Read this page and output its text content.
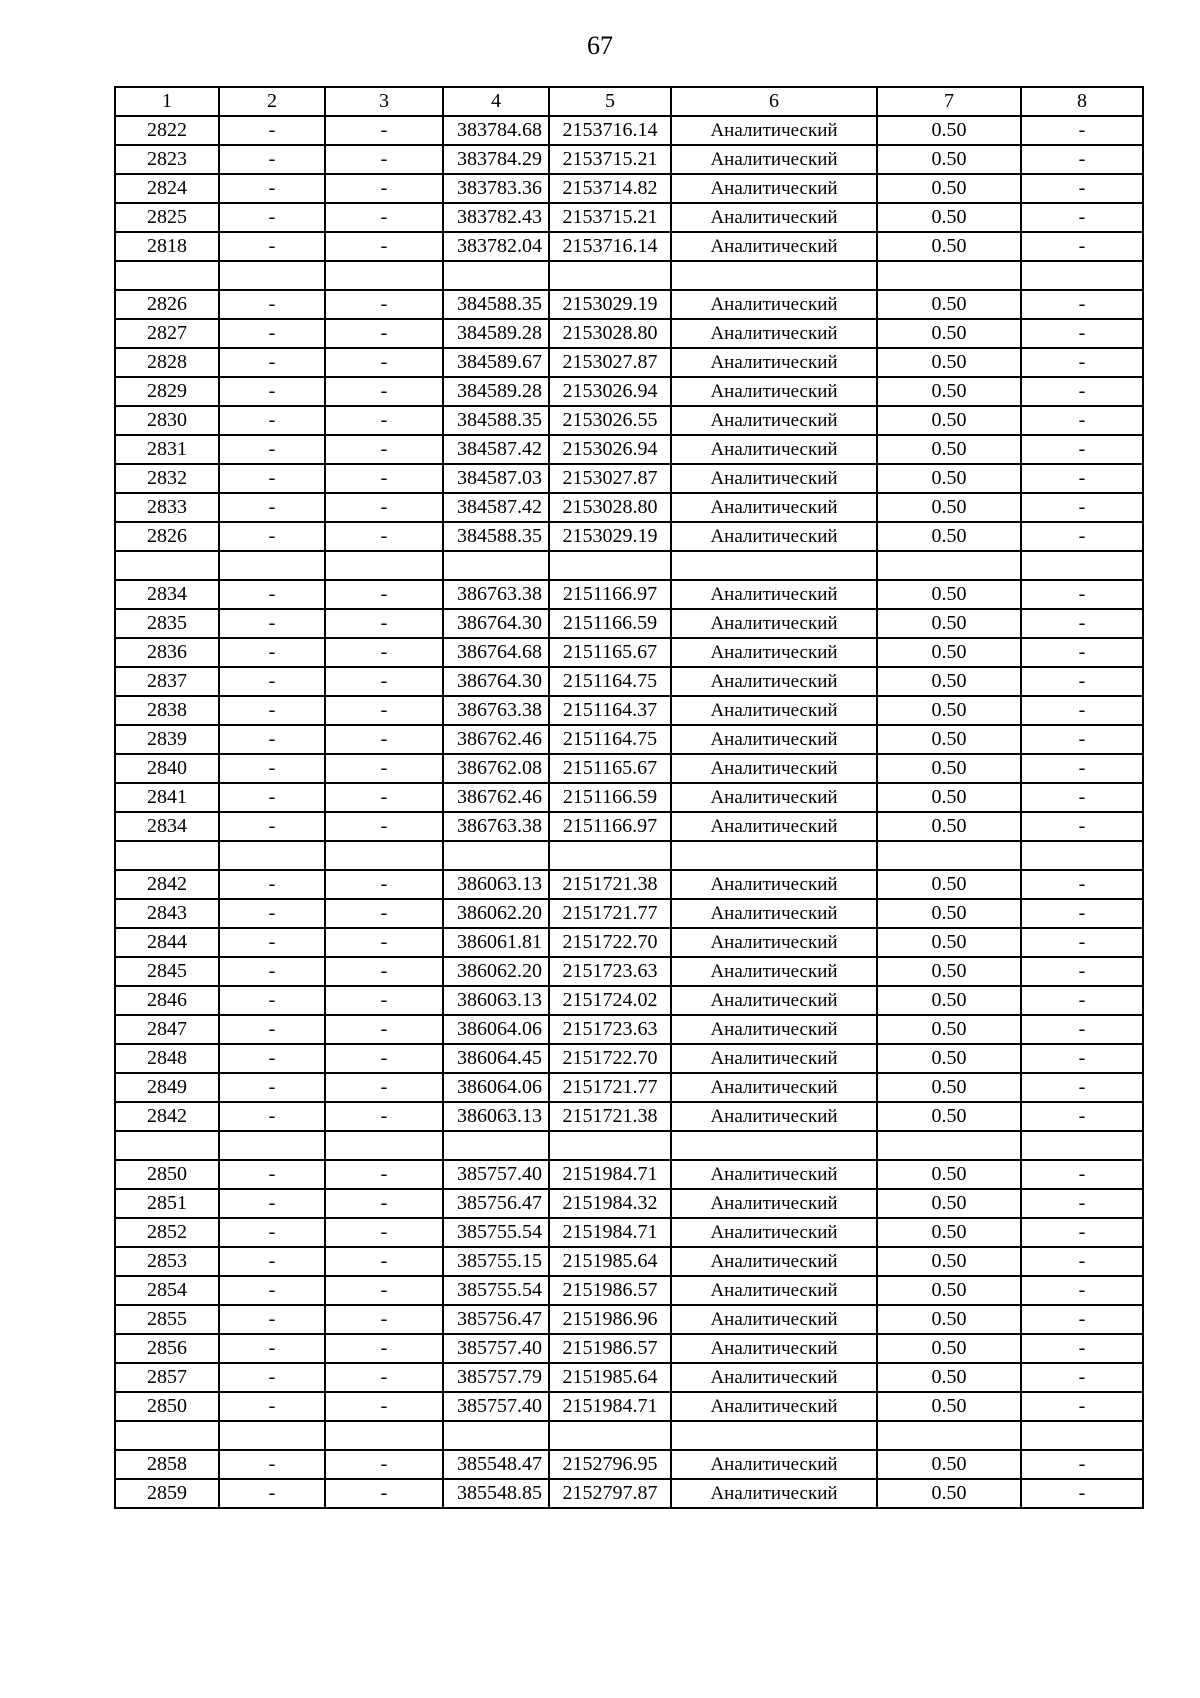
67
1	2	3	4	5	6	7	8
2822	-	-	383784.68	2153716.14	Аналитический	0.50	-
2823	-	-	383784.29	2153715.21	Аналитический	0.50	-
2824	-	-	383783.36	2153714.82	Аналитический	0.50	-
2825	-	-	383782.43	2153715.21	Аналитический	0.50	-
2818	-	-	383782.04	2153716.14	Аналитический	0.50	-

2826	-	-	384588.35	2153029.19	Аналитический	0.50	-
2827	-	-	384589.28	2153028.80	Аналитический	0.50	-
2828	-	-	384589.67	2153027.87	Аналитический	0.50	-
2829	-	-	384589.28	2153026.94	Аналитический	0.50	-
2830	-	-	384588.35	2153026.55	Аналитический	0.50	-
2831	-	-	384587.42	2153026.94	Аналитический	0.50	-
2832	-	-	384587.03	2153027.87	Аналитический	0.50	-
2833	-	-	384587.42	2153028.80	Аналитический	0.50	-
2826	-	-	384588.35	2153029.19	Аналитический	0.50	-

2834	-	-	386763.38	2151166.97	Аналитический	0.50	-
2835	-	-	386764.30	2151166.59	Аналитический	0.50	-
2836	-	-	386764.68	2151165.67	Аналитический	0.50	-
2837	-	-	386764.30	2151164.75	Аналитический	0.50	-
2838	-	-	386763.38	2151164.37	Аналитический	0.50	-
2839	-	-	386762.46	2151164.75	Аналитический	0.50	-
2840	-	-	386762.08	2151165.67	Аналитический	0.50	-
2841	-	-	386762.46	2151166.59	Аналитический	0.50	-
2834	-	-	386763.38	2151166.97	Аналитический	0.50	-

2842	-	-	386063.13	2151721.38	Аналитический	0.50	-
2843	-	-	386062.20	2151721.77	Аналитический	0.50	-
2844	-	-	386061.81	2151722.70	Аналитический	0.50	-
2845	-	-	386062.20	2151723.63	Аналитический	0.50	-
2846	-	-	386063.13	2151724.02	Аналитический	0.50	-
2847	-	-	386064.06	2151723.63	Аналитический	0.50	-
2848	-	-	386064.45	2151722.70	Аналитический	0.50	-
2849	-	-	386064.06	2151721.77	Аналитический	0.50	-
2842	-	-	386063.13	2151721.38	Аналитический	0.50	-

2850	-	-	385757.40	2151984.71	Аналитический	0.50	-
2851	-	-	385756.47	2151984.32	Аналитический	0.50	-
2852	-	-	385755.54	2151984.71	Аналитический	0.50	-
2853	-	-	385755.15	2151985.64	Аналитический	0.50	-
2854	-	-	385755.54	2151986.57	Аналитический	0.50	-
2855	-	-	385756.47	2151986.96	Аналитический	0.50	-
2856	-	-	385757.40	2151986.57	Аналитический	0.50	-
2857	-	-	385757.79	2151985.64	Аналитический	0.50	-
2850	-	-	385757.40	2151984.71	Аналитический	0.50	-

2858	-	-	385548.47	2152796.95	Аналитический	0.50	-
2859	-	-	385548.85	2152797.87	Аналитический	0.50	-
